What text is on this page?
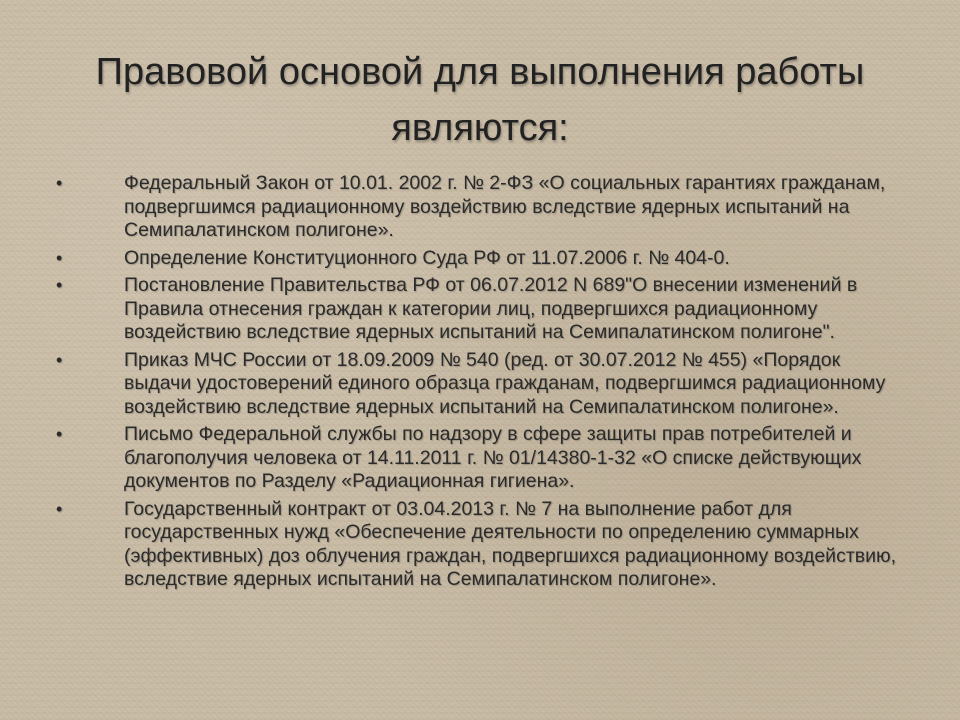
Правовой основой для выполнения работы являются:
•	Федеральный Закон от 10.01. 2002 г. № 2-ФЗ «О социальных гарантиях гражданам, подвергшимся радиационному воздействию вследствие ядерных испытаний на Семипалатинском полигоне».
•	Определение Конституционного Суда РФ от 11.07.2006 г. № 404-0.
•	Постановление Правительства РФ от 06.07.2012 N 689"О внесении изменений в Правила отнесения граждан к категории лиц, подвергшихся радиационному воздействию вследствие ядерных испытаний на Семипалатинском полигоне".
•	Приказ МЧС России от 18.09.2009 № 540 (ред. от 30.07.2012 № 455) «Порядок выдачи удостоверений единого образца гражданам, подвергшимся радиационному воздействию вследствие ядерных испытаний на Семипалатинском полигоне».
•	Письмо Федеральной службы по надзору в сфере защиты прав потребителей и благополучия человека от 14.11.2011 г. № 01/14380-1-32 «О списке действующих документов по Разделу «Радиационная гигиена».
•	Государственный контракт от 03.04.2013 г. № 7 на выполнение работ для государственных нужд «Обеспечение деятельности по определению суммарных (эффективных) доз облучения граждан, подвергшихся радиационному воздействию, вследствие ядерных испытаний на Семипалатинском полигоне».
